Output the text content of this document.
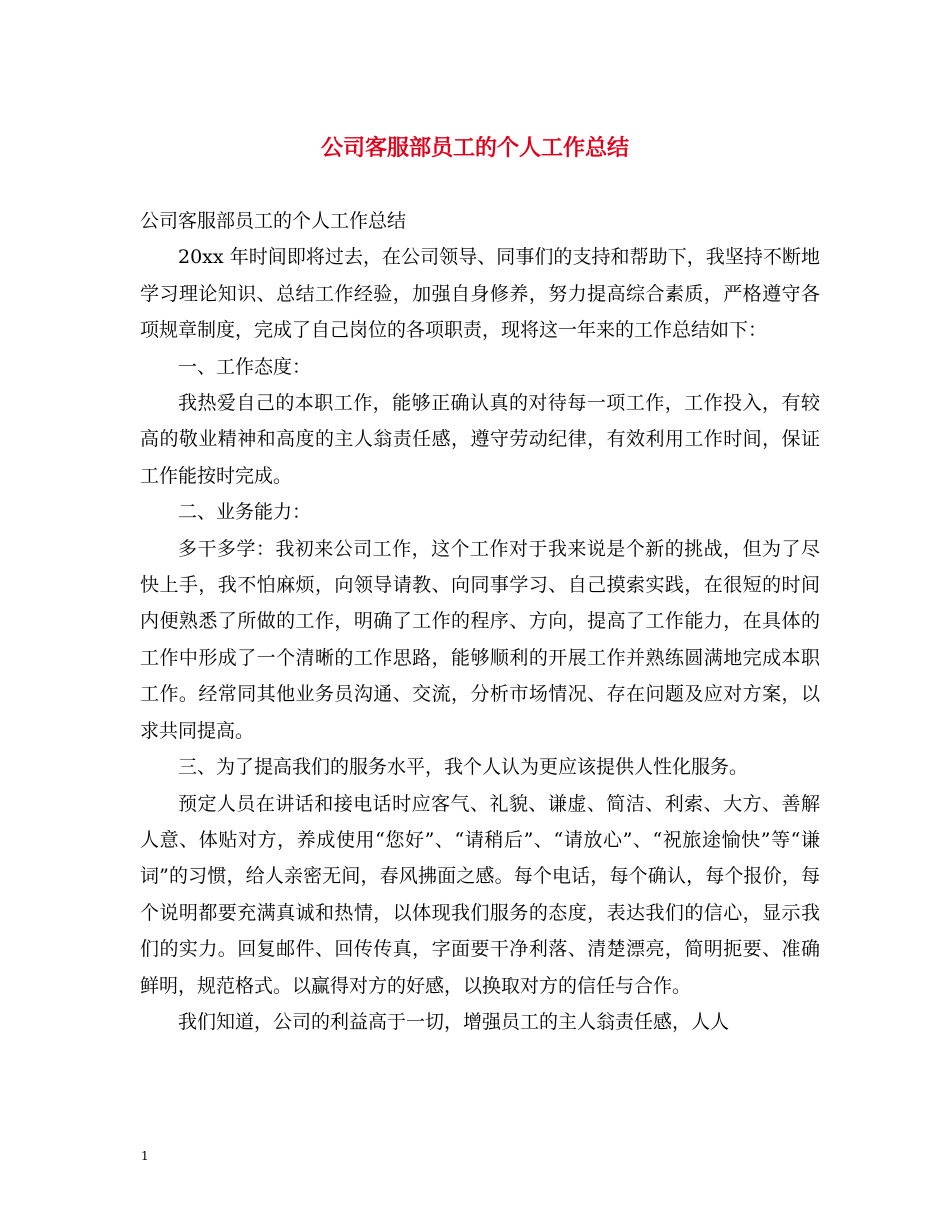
公司客服部员工的个人工作总结

公司客服部员工的个人工作总结

20xx 年时间即将过去，在公司领导、同事们的支持和帮助下，我坚持不断地学习理论知识、总结工作经验，加强自身修养，努力提高综合素质，严格遵守各项规章制度，完成了自己岗位的各项职责，现将这一年来的工作总结如下：

一、工作态度：

我热爱自己的本职工作，能够正确认真的对待每一项工作，工作投入，有较高的敬业精神和高度的主人翁责任感，遵守劳动纪律，有效利用工作时间，保证工作能按时完成。

二、业务能力：

多干多学：我初来公司工作，这个工作对于我来说是个新的挑战，但为了尽快上手，我不怕麻烦，向领导请教、向同事学习、自己摸索实践，在很短的时间内便熟悉了所做的工作，明确了工作的程序、方向，提高了工作能力，在具体的工作中形成了一个清晰的工作思路，能够顺利的开展工作并熟练圆满地完成本职工作。经常同其他业务员沟通、交流，分析市场情况、存在问题及应对方案，以求共同提高。

三、为了提高我们的服务水平，我个人认为更应该提供人性化服务。

预定人员在讲话和接电话时应客气、礼貌、谦虚、简洁、利索、大方、善解人意、体贴对方，养成使用“您好”、“请稍后”、“请放心”、“祝旅途愉快”等“谦词”的习惯，给人亲密无间，春风拂面之感。每个电话，每个确认，每个报价，每个说明都要充满真诚和热情，以体现我们服务的态度，表达我们的信心，显示我们的实力。回复邮件、回传传真，字面要干净利落、清楚漂亮，简明扼要、准确鲜明，规范格式。以赢得对方的好感，以换取对方的信任与合作。

我们知道，公司的利益高于一切，增强员工的主人翁责任感，人人

1
